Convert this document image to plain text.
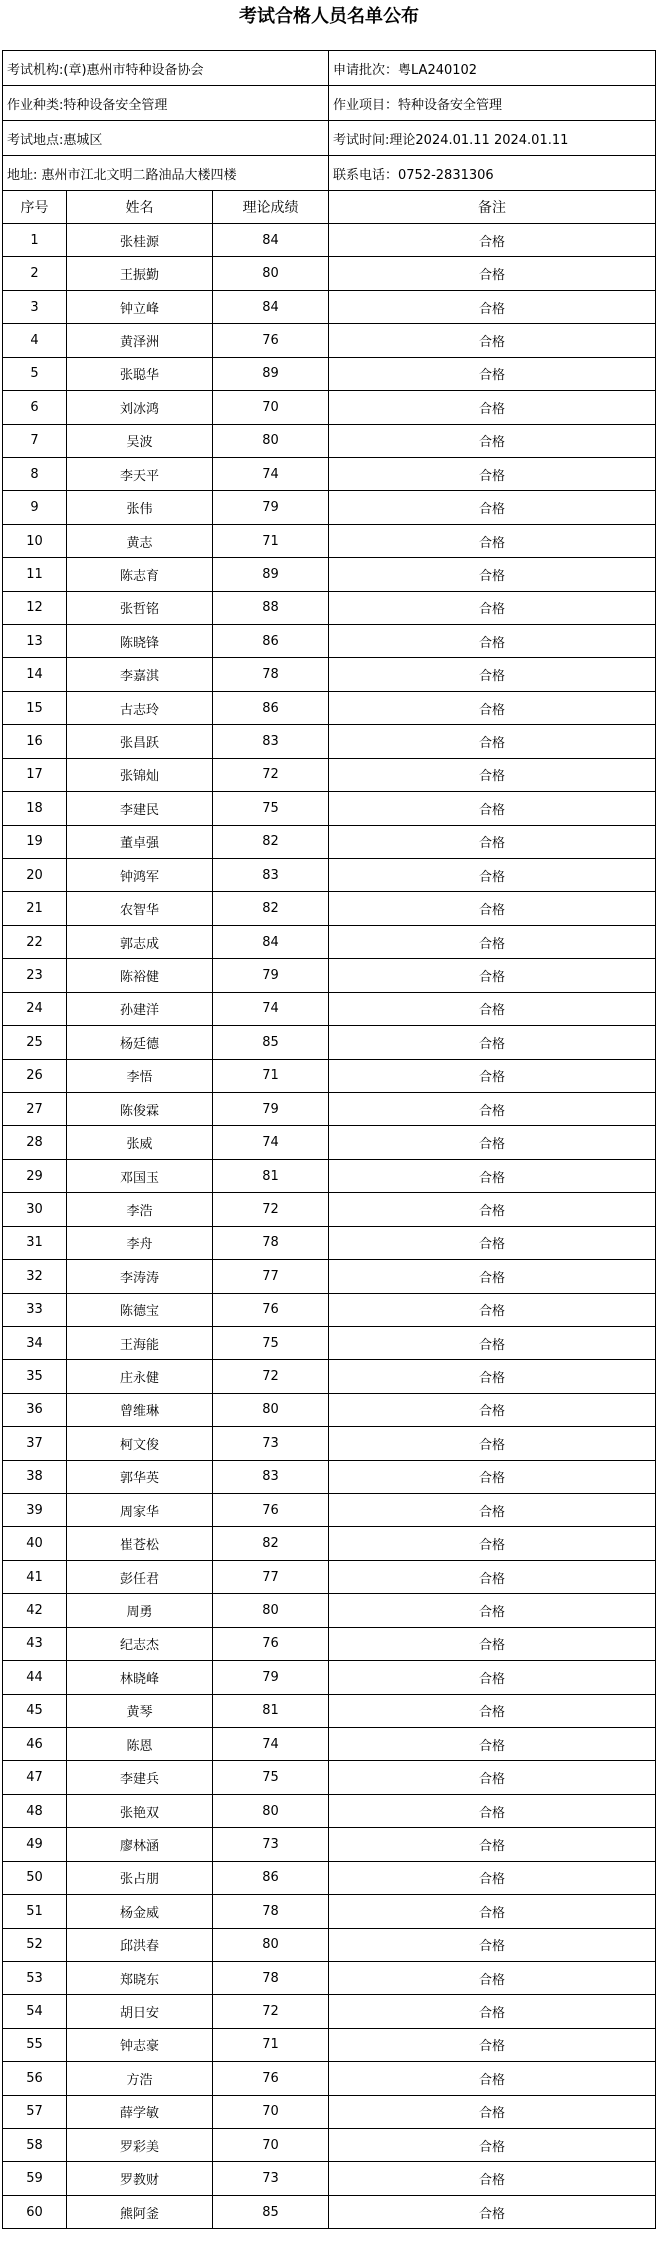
考试合格人员名单公布
考试机构:(章)惠州市特种设备协会			申请批次：粤LA240102
作业种类:特种设备安全管理			作业项目：特种设备安全管理
考试地点:惠城区			考试时间:理论2024.01.11 2024.01.11
地址: 惠州市江北文明二路油品大楼四楼			联系电话：0752-2831306
序号	姓名	理论成绩	备注
1	张桂源	84	合格
2	王振勤	80	合格
3	钟立峰	84	合格
4	黄泽洲	76	合格
5	张聪华	89	合格
6	刘冰鸿	70	合格
7	吴波	80	合格
8	李天平	74	合格
9	张伟	79	合格
10	黄志	71	合格
11	陈志育	89	合格
12	张哲铭	88	合格
13	陈晓锋	86	合格
14	李嘉淇	78	合格
15	古志玲	86	合格
16	张昌跃	83	合格
17	张锦灿	72	合格
18	李建民	75	合格
19	董卓强	82	合格
20	钟鸿军	83	合格
21	农智华	82	合格
22	郭志成	84	合格
23	陈裕健	79	合格
24	孙建洋	74	合格
25	杨廷德	85	合格
26	李悟	71	合格
27	陈俊霖	79	合格
28	张威	74	合格
29	邓国玉	81	合格
30	李浩	72	合格
31	李舟	78	合格
32	李涛涛	77	合格
33	陈德宝	76	合格
34	王海能	75	合格
35	庄永健	72	合格
36	曾维琳	80	合格
37	柯文俊	73	合格
38	郭华英	83	合格
39	周家华	76	合格
40	崔苍松	82	合格
41	彭任君	77	合格
42	周勇	80	合格
43	纪志杰	76	合格
44	林晓峰	79	合格
45	黄琴	81	合格
46	陈恩	74	合格
47	李建兵	75	合格
48	张艳双	80	合格
49	廖林涵	73	合格
50	张占朋	86	合格
51	杨金威	78	合格
52	邱洪春	80	合格
53	郑晓东	78	合格
54	胡日安	72	合格
55	钟志豪	71	合格
56	方浩	76	合格
57	薛学敏	70	合格
58	罗彩美	70	合格
59	罗教财	73	合格
60	熊阿釜	85	合格
